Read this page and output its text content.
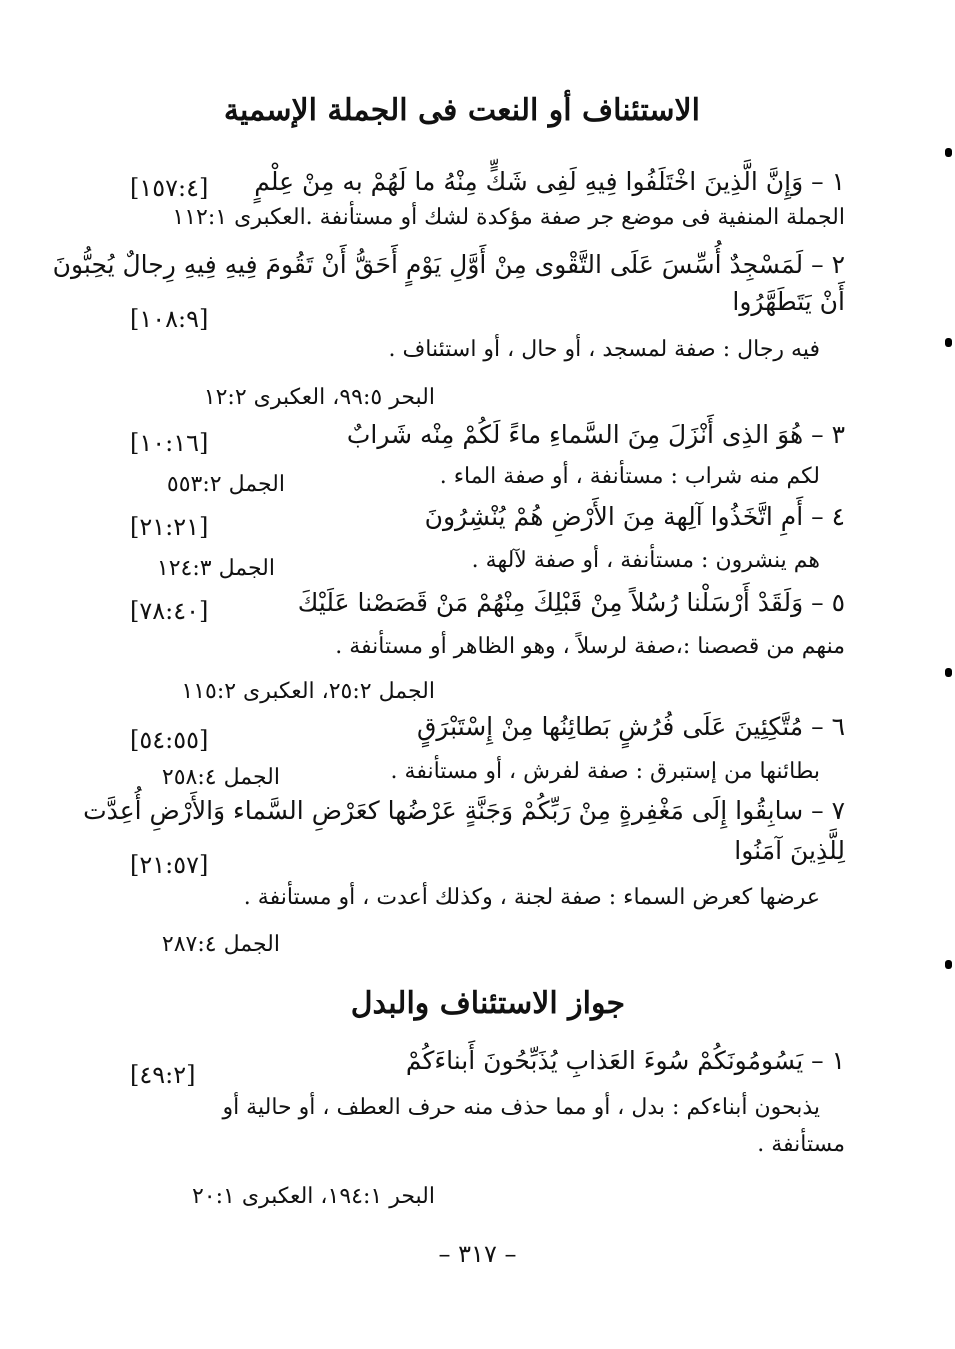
الاستئناف أو النعت فى الجملة الإسمية
١ – وَإِنَّ الَّذِينَ اخْتَلَفُوا فِيهِ لَفِى شَكٍّ مِنْهُ ما لَهُمْ به مِنْ عِلْمٍ
[١٥٧:٤]
الجملة المنفية فى موضع جر صفة مؤكدة لشك أو مستأنفة .العكبرى ١١٢:١
٢ – لَمَسْجِدٌ أُسِّسَ عَلَى التَّقْوى مِنْ أَوَّلِ يَوْمٍ أَحَقُّ أَنْ تَقُومَ فِيهِ فِيهِ رِجالٌ يُحِبُّونَ
أَنْ يَتَطَهَّرُوا
[١٠٨:٩]
فيه رجال : صفة لمسجد ، أو حال ، أو استئناف .
البحر ٩٩:٥، العكبرى ١٢:٢
٣ – هُوَ الذِى أَنْزَلَ مِنَ السَّماءِ ماءً لَكُمْ مِنْه شَرابٌ
[١٠:١٦]
لكم منه شراب : مستأنفة ، أو صفة الماء .
الجمل ٥٥٣:٢
٤ – أَمِ اتَّخَذُوا آلِهة مِنَ الأَرْضِ هُمْ يُنْشِرُونَ
[٢١:٢١]
هم ينشرون : مستأنفة ، أو صفة لآلهة .
الجمل ١٢٤:٣
٥ – وَلَقَدْ أَرْسَلْنا رُسُلاً مِنْ قَبْلِكَ مِنْهُمْ مَنْ قَصَصْنا عَلَيْكَ
[٧٨:٤٠]
منهم من قصصنا :،صفة لرسلاً ، وهو الظاهر أو مستأنفة .
الجمل ٢٥:٢، العكبرى ١١٥:٢
٦ – مُتَّكِئِينَ عَلَى فُرُشٍ بَطائِنُها مِنْ إِسْتَبْرَقٍ
[٥٤:٥٥]
بطائنها من إستبرق : صفة لفرش ، أو مستأنفة .
الجمل ٢٥٨:٤
٧ – سابِقُوا إِلَى مَغْفِرةٍ مِنْ رَبِّكُمْ وَجَنَّةٍ عَرْضُها كعَرْضِ السَّماء وَالأَرْضِ أُعِدَّت
لِلَّذِينَ آمَنُوا
[٢١:٥٧]
عرضها كعرض السماء : صفة لجنة ، وكذلك أعدت ، أو مستأنفة .
الجمل ٢٨٧:٤
جواز الاستئناف والبدل
١ – يَسُومُونَكُمْ سُوءَ العَذابِ يُذَبِّحُونَ أَبناءَكُمْ
[٤٩:٢]
يذبحون أبناءكم : بدل ، أو مما حذف منه حرف العطف ، أو حالية أو
مستأنفة .
البحر ١٩٤:١، العكبرى ٢٠:١
– ٣١٧ –
